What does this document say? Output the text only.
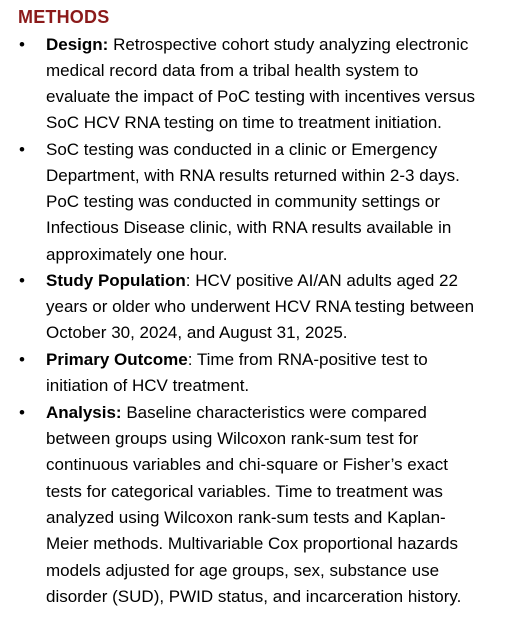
METHODS
• Design: Retrospective cohort study analyzing electronic
medical record data from a tribal health system to
evaluate the impact of PoC testing with incentives versus
SoC HCV RNA testing on time to treatment initiation.
• SoC testing was conducted in a clinic or Emergency
Department, with RNA results returned within 2-3 days.
PoC testing was conducted in community settings or
Infectious Disease clinic, with RNA results available in
approximately one hour.
• Study Population: HCV positive AI/AN adults aged 22
years or older who underwent HCV RNA testing between
October 30, 2024, and August 31, 2025.
• Primary Outcome: Time from RNA-positive test to
initiation of HCV treatment.
• Analysis: Baseline characteristics were compared
between groups using Wilcoxon rank-sum test for
continuous variables and chi-square or Fisher’s exact
tests for categorical variables. Time to treatment was
analyzed using Wilcoxon rank-sum tests and Kaplan-
Meier methods. Multivariable Cox proportional hazards
models adjusted for age groups, sex, substance use
disorder (SUD), PWID status, and incarceration history.
